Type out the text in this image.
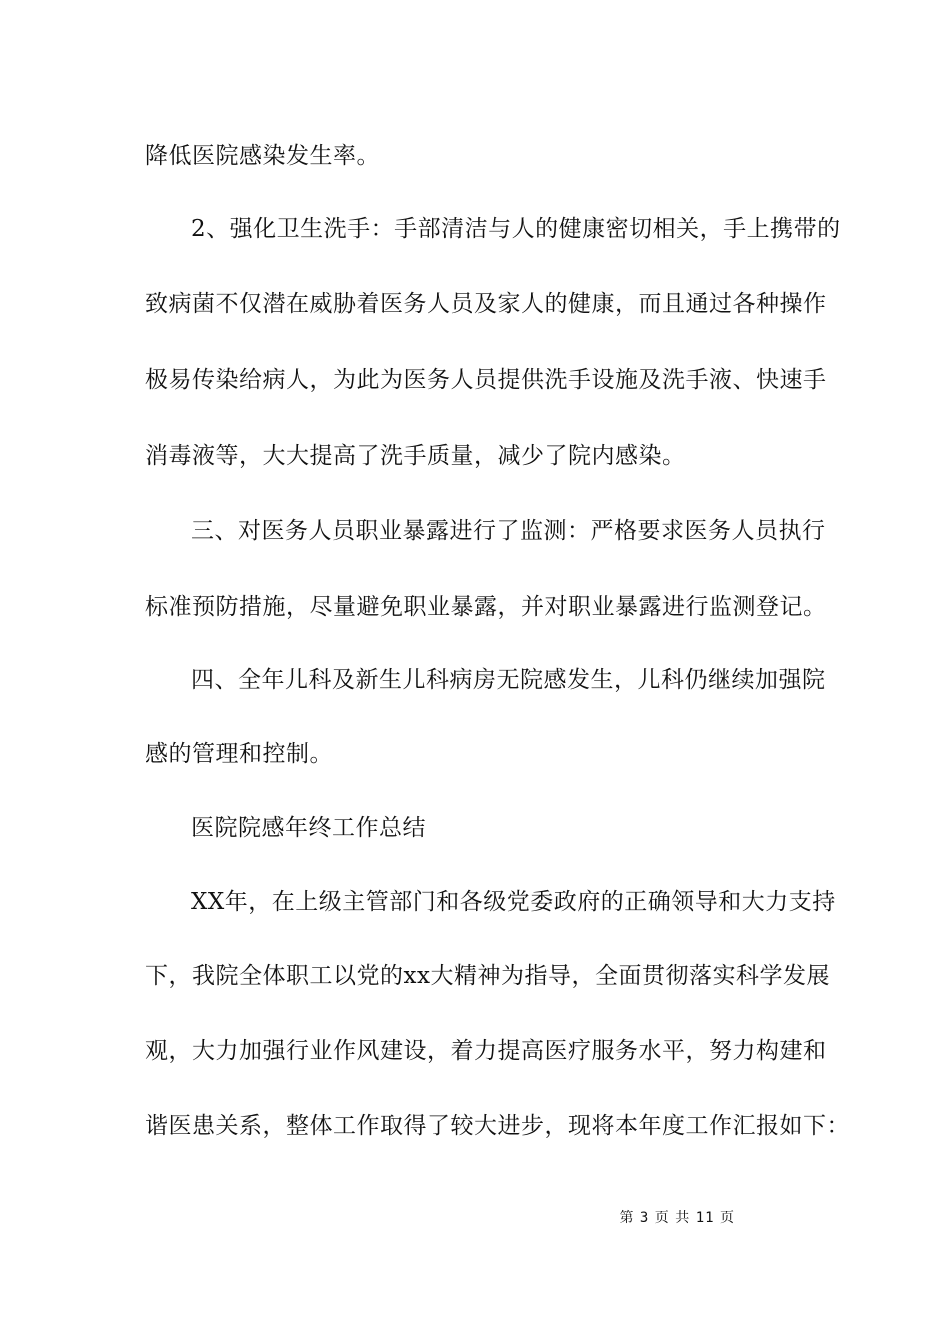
降低医院感染发生率。
2、强化卫生洗手：手部清洁与人的健康密切相关，手上携带的
致病菌不仅潜在威胁着医务人员及家人的健康，而且通过各种操作
极易传染给病人，为此为医务人员提供洗手设施及洗手液、快速手
消毒液等，大大提高了洗手质量，减少了院内感染。
三、对医务人员职业暴露进行了监测：严格要求医务人员执行
标准预防措施，尽量避免职业暴露，并对职业暴露进行监测登记。
四、全年儿科及新生儿科病房无院感发生，儿科仍继续加强院
感的管理和控制。
医院院感年终工作总结
XX年，在上级主管部门和各级党委政府的正确领导和大力支持
下，我院全体职工以党的xx大精神为指导，全面贯彻落实科学发展
观，大力加强行业作风建设，着力提高医疗服务水平，努力构建和
谐医患关系，整体工作取得了较大进步，现将本年度工作汇报如下：
第 3 页 共 11 页
